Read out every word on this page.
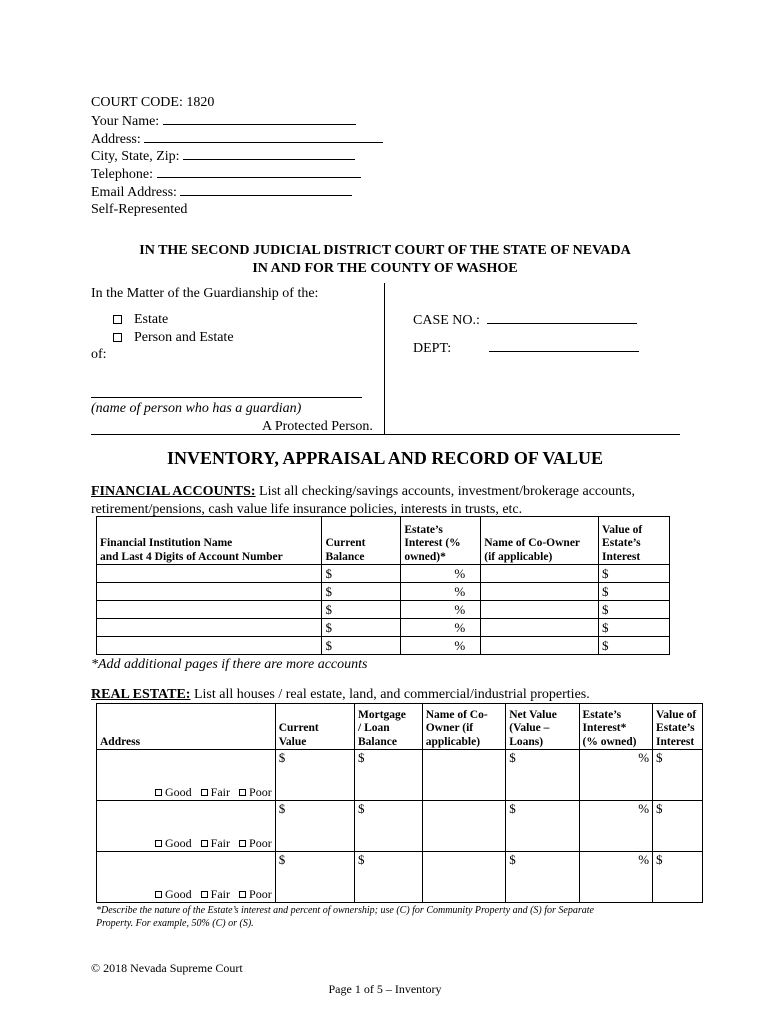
COURT CODE: 1820
Your Name:
Address:
City, State, Zip:
Telephone:
Email Address:
Self-Represented
IN THE SECOND JUDICIAL DISTRICT COURT OF THE STATE OF NEVADA
IN AND FOR THE COUNTY OF WASHOE
In the Matter of the Guardianship of the:
Estate
Person and Estate
of:
(name of person who has a guardian)
A Protected Person.
CASE NO.:
DEPT:
INVENTORY, APPRAISAL AND RECORD OF VALUE
FINANCIAL ACCOUNTS: List all checking/savings accounts, investment/brokerage accounts,
retirement/pensions, cash value life insurance policies, interests in trusts, etc.
Financial Institution Name
and Last 4 Digits of Account Number	Current
Balance	Estate’s
Interest (%
owned)*	Name of Co-Owner
(if applicable)	Value of
Estate’s
Interest
	$	%		$
	$	%		$
	$	%		$
	$	%		$
	$	%		$
*Add additional pages if there are more accounts
REAL ESTATE: List all houses / real estate, land, and commercial/industrial properties.
Address	Current
Value	Mortgage
/ Loan
Balance	Name of Co-
Owner (if
applicable)	Net Value
(Value –
Loans)	Estate’s
Interest*
(% owned)	Value of
Estate’s
Interest
Good Fair Poor	$	$		$	%	$
Good Fair Poor	$	$		$	%	$
Good Fair Poor	$	$		$	%	$
*Describe the nature of the Estate’s interest and percent of ownership; use (C) for Community Property and (S) for Separate
Property. For example, 50% (C) or (S).
© 2018 Nevada Supreme Court
Page 1 of 5 – Inventory
